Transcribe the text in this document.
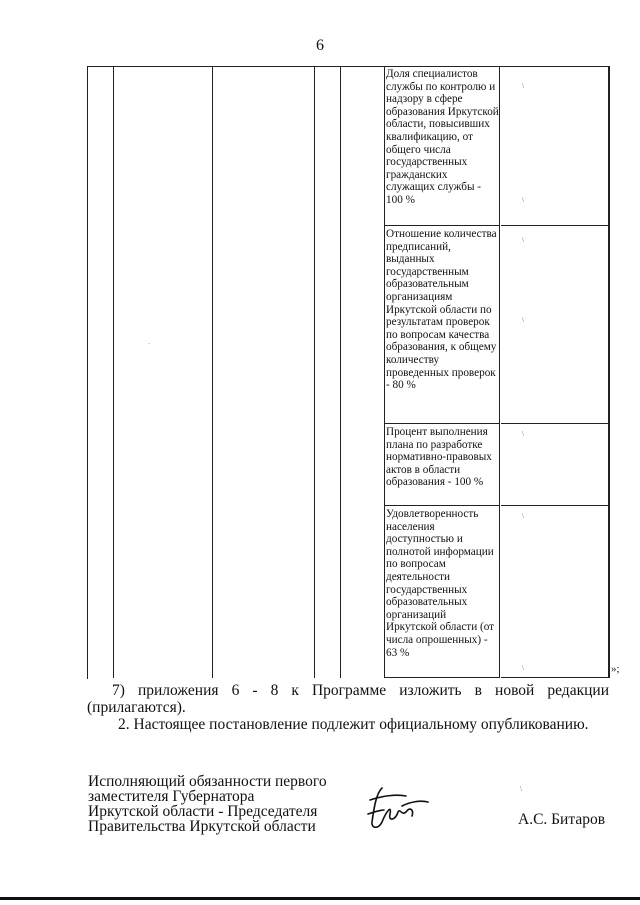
6
Доля специалистов службы по контролю и надзору в сфере образования Иркутской области, повысивших квалификацию, от общего числа государственных гражданских служащих службы - 100 %
Отношение количества предписаний, выданных государственным образовательным организациям Иркутской области по результатам проверок по вопросам качества образования, к общему количеству проведенных проверок - 80 %
Процент выполнения плана по разработке нормативно-правовых актов в области образования - 100 %
Удовлетворенность населения доступностью и полнотой информации по вопросам деятельности государственных образовательных организаций Иркутской области (от числа опрошенных) - 63 %
\
\
\
\
·
\
\
\
\
»;
7) приложения 6 - 8 к Программе изложить в новой редакции
(прилагаются).
2. Настоящее постановление подлежит официальному опубликованию.
Исполняющий обязанности первого
заместителя Губернатора
Иркутской области - Председателя
Правительства Иркутской области	А.С. Битаров
